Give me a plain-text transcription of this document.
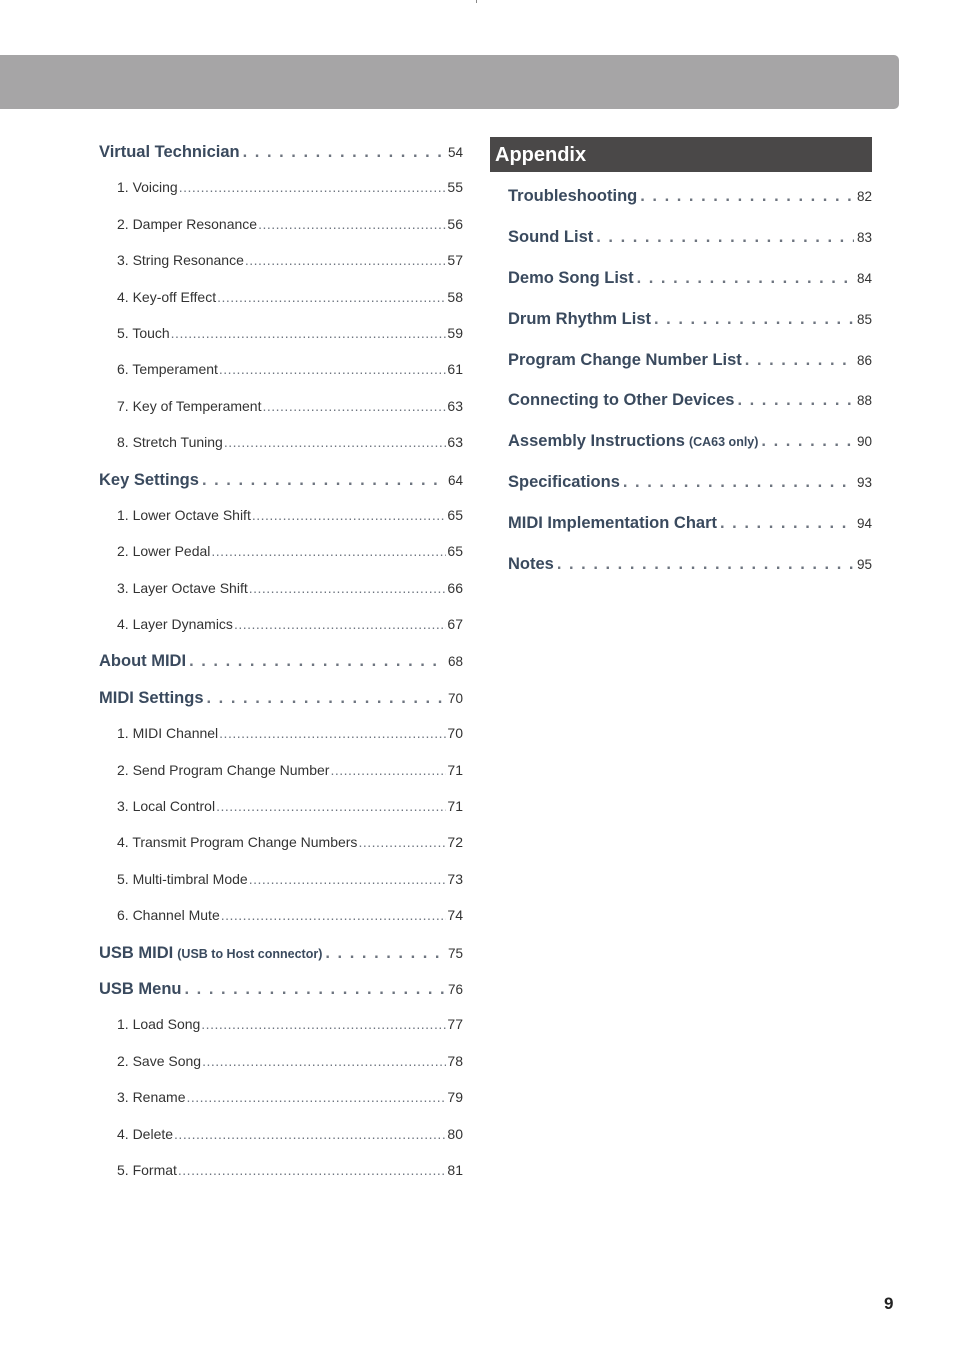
Virtual Technician . . .	54
1. Voicing .....	55
2. Damper Resonance .....	56
3. String Resonance .....	57
4. Key-off Effect .....	58
5. Touch .....	59
6. Temperament .....	61
7. Key of Temperament .....	63
8. Stretch Tuning .....	63
Key Settings . . .	64
1. Lower Octave Shift .....	65
2. Lower Pedal .....	65
3. Layer Octave Shift .....	66
4. Layer Dynamics .....	67
About MIDI . . .	68
MIDI Settings . . .	70
1. MIDI Channel .....	70
2. Send Program Change Number .....	71
3. Local Control .....	71
4. Transmit Program Change Numbers .....	72
5. Multi-timbral Mode .....	73
6. Channel Mute .....	74
USB MIDI (USB to Host connector) . . .	75
USB Menu . . .	76
1. Load Song .....	77
2. Save Song .....	78
3. Rename .....	79
4. Delete .....	80
5. Format .....	81
Appendix
Troubleshooting . . .	82
Sound List . . .	83
Demo Song List . . .	84
Drum Rhythm List . . .	85
Program Change Number List . . .	86
Connecting to Other Devices . . .	88
Assembly Instructions (CA63 only) . . .	90
Specifications . . .	93
MIDI Implementation Chart . . .	94
Notes . . .	95
9
